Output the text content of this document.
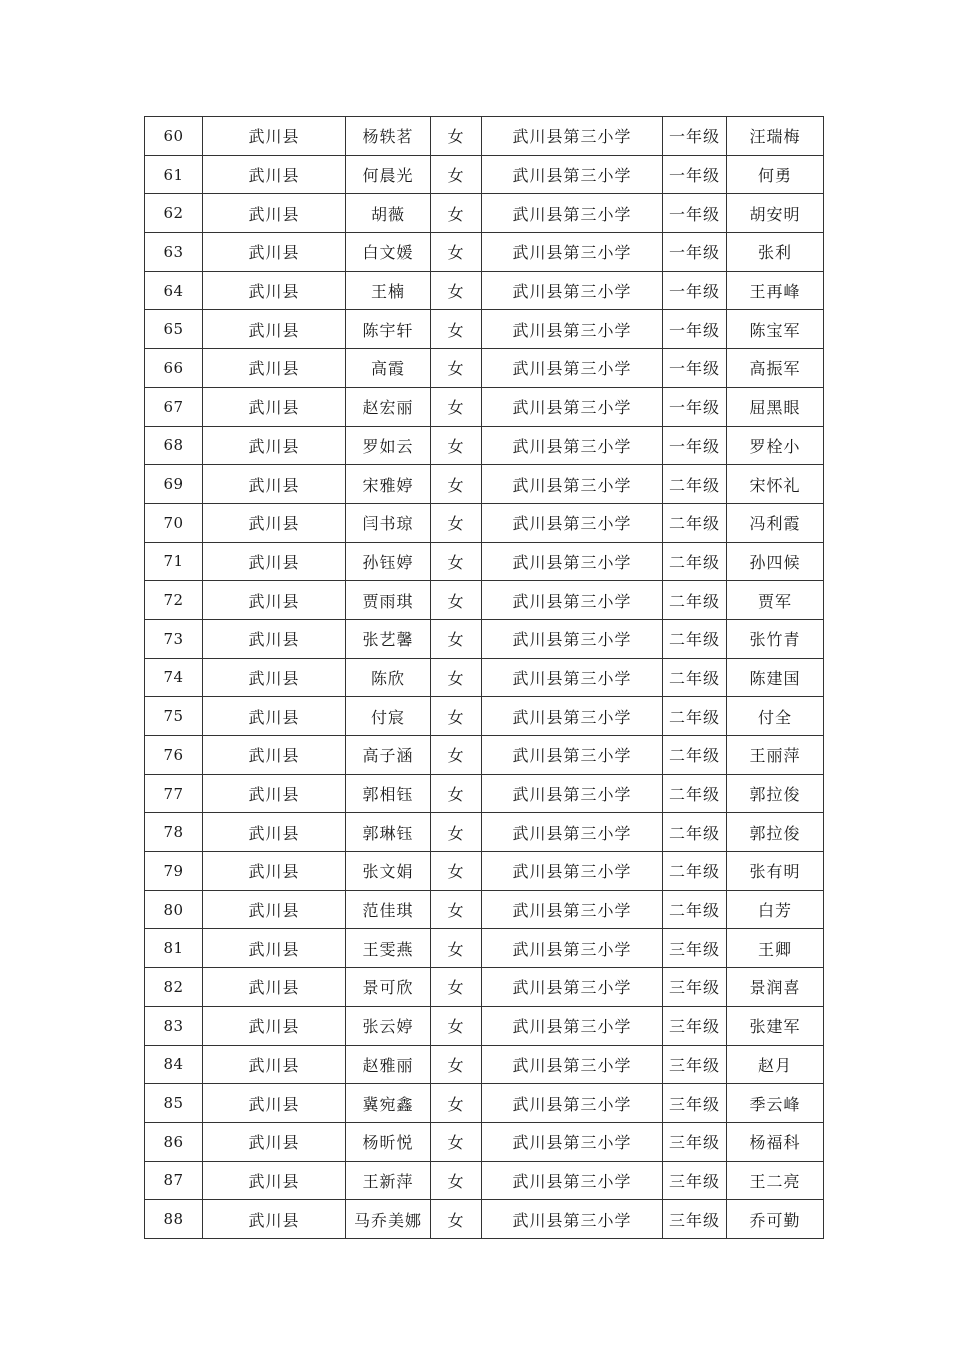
60	武川县	杨轶茗	女	武川县第三小学	一年级	汪瑞梅
61	武川县	何晨光	女	武川县第三小学	一年级	何勇
62	武川县	胡薇	女	武川县第三小学	一年级	胡安明
63	武川县	白文媛	女	武川县第三小学	一年级	张利
64	武川县	王楠	女	武川县第三小学	一年级	王再峰
65	武川县	陈宇轩	女	武川县第三小学	一年级	陈宝军
66	武川县	高霞	女	武川县第三小学	一年级	高振军
67	武川县	赵宏丽	女	武川县第三小学	一年级	屈黑眼
68	武川县	罗如云	女	武川县第三小学	一年级	罗栓小
69	武川县	宋雅婷	女	武川县第三小学	二年级	宋怀礼
70	武川县	闫书琼	女	武川县第三小学	二年级	冯利霞
71	武川县	孙钰婷	女	武川县第三小学	二年级	孙四候
72	武川县	贾雨琪	女	武川县第三小学	二年级	贾军
73	武川县	张艺馨	女	武川县第三小学	二年级	张竹青
74	武川县	陈欣	女	武川县第三小学	二年级	陈建国
75	武川县	付宸	女	武川县第三小学	二年级	付全
76	武川县	高子涵	女	武川县第三小学	二年级	王丽萍
77	武川县	郭相钰	女	武川县第三小学	二年级	郭拉俊
78	武川县	郭琳钰	女	武川县第三小学	二年级	郭拉俊
79	武川县	张文娟	女	武川县第三小学	二年级	张有明
80	武川县	范佳琪	女	武川县第三小学	二年级	白芳
81	武川县	王雯燕	女	武川县第三小学	三年级	王卿
82	武川县	景可欣	女	武川县第三小学	三年级	景润喜
83	武川县	张云婷	女	武川县第三小学	三年级	张建军
84	武川县	赵雅丽	女	武川县第三小学	三年级	赵月
85	武川县	冀宛鑫	女	武川县第三小学	三年级	季云峰
86	武川县	杨昕悦	女	武川县第三小学	三年级	杨福科
87	武川县	王新萍	女	武川县第三小学	三年级	王二亮
88	武川县	马乔美娜	女	武川县第三小学	三年级	乔可勤
